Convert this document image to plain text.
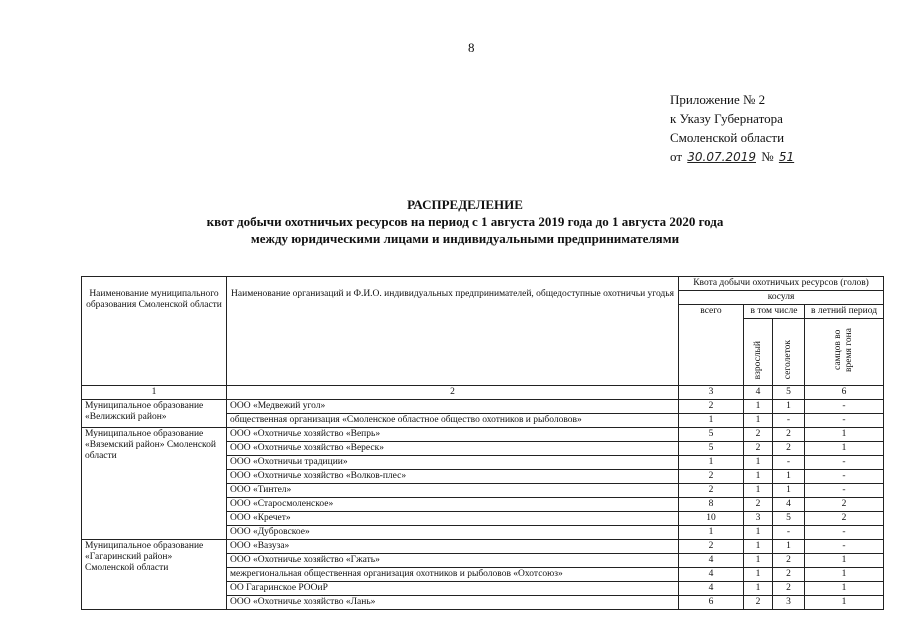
8
Приложение № 2
к Указу Губернатора
Смоленской области
от 30.07.2019 № 51
РАСПРЕДЕЛЕНИЕ
квот добычи охотничьих ресурсов на период с 1 августа 2019 года до 1 августа 2020 года
между юридическими лицами и индивидуальными предпринимателями
Наименование муниципального образования Смоленской области	Наименование организаций и Ф.И.О. индивидуальных предпринимателей, общедоступные охотничьи угодья	Квота добычи охотничьих ресурсов (голов)			
		косуля			
		всего	в том числе		в летний период
			взрослый	сеголеток	самцов во время гона
1	2	3	4	5	6
Муниципальное образование «Велижский район»	ООО «Медвежий угол»	2	1	1	-
	общественная организация «Смоленское областное общество охотников и рыболовов»	1	1	-	-
Муниципальное образование «Вяземский район» Смоленской области	ООО «Охотничье хозяйство «Вепрь»	5	2	2	1
	ООО «Охотничье хозяйство «Вереск»	5	2	2	1
	ООО «Охотничьи традиции»	1	1	-	-
	ООО «Охотничье хозяйство «Волков-плес»	2	1	1	-
	ООО «Тинтел»	2	1	1	-
	ООО «Старосмоленское»	8	2	4	2
	ООО «Кречет»	10	3	5	2
	ООО «Дубровское»	1	1	-	-
Муниципальное образование «Гагаринский район» Смоленской области	ООО «Вазуза»	2	1	1	-
	ООО «Охотничье хозяйство «Гжать»	4	1	2	1
	межрегиональная общественная организация охотников и рыболовов «Охотсоюз»	4	1	2	1
	ОО Гагаринское РООиР	4	1	2	1
	ООО «Охотничье хозяйство «Лань»	6	2	3	1
